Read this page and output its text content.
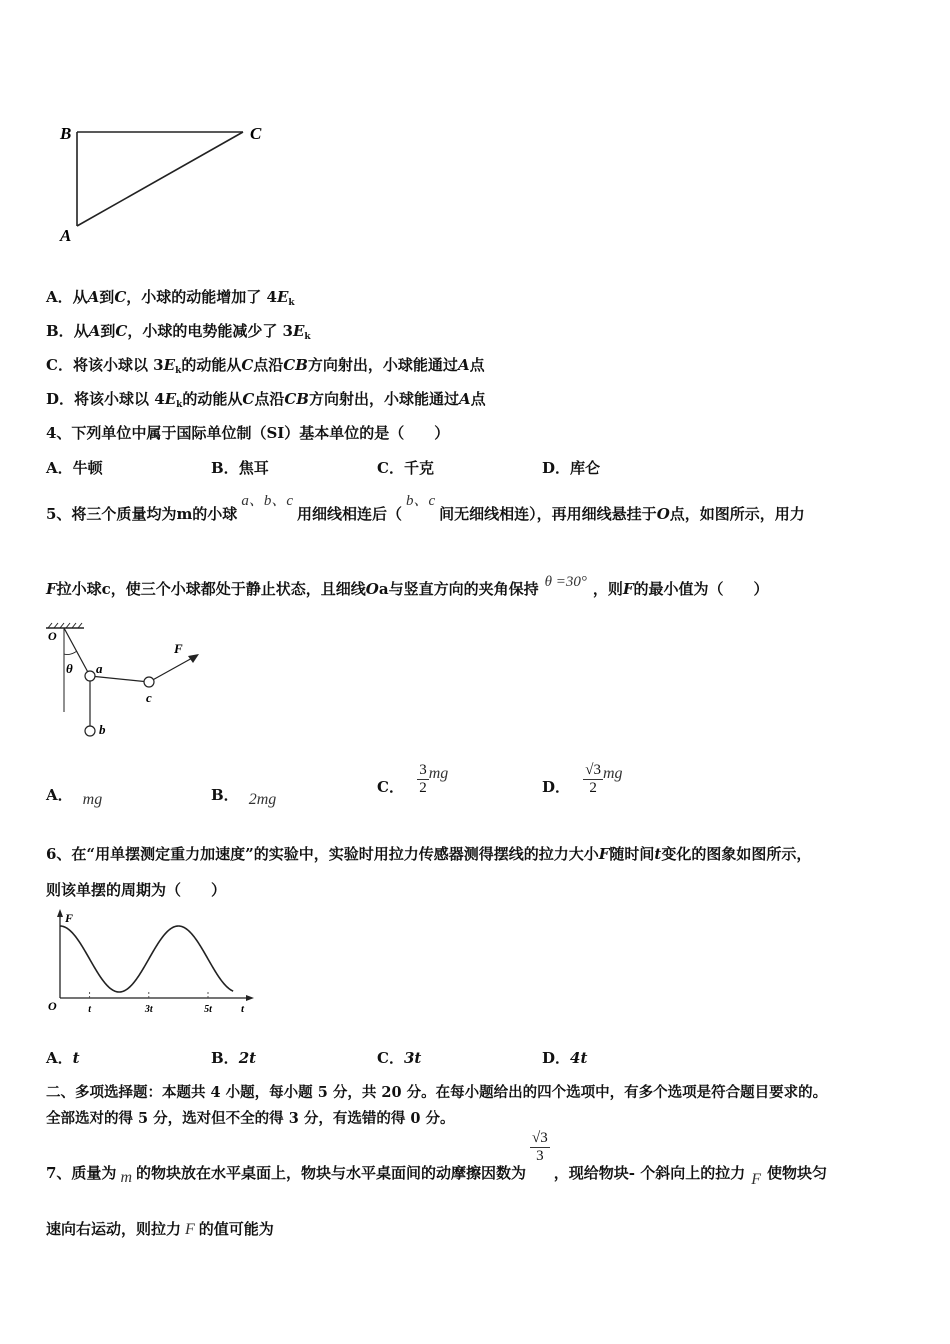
B	C
A
A．从A到C，小球的动能增加了 $4E_k$
B．从A到C，小球的电势能减少了 $3E_k$
C．将该小球以 $3E_k$的动能从C点沿CB方向射出，小球能通过A点
D．将该小球以 $4E_k$的动能从C点沿CB方向射出，小球能通过A点
4、下列单位中属于国际单位制（SI）基本单位的是（　　）
A．牛顿	B．焦耳	C．千克	D．库仑
5、将三个质量均为m的小球a、b、c用细线相连后（b、c间无细线相连），再用细线悬挂于O点，如图所示，用力
F拉小球c，使三个小球都处于静止状态，且细线Oa与竖直方向的夹角保持 θ =30° ，则F的最小值为（　　）
O
θ a
b
c
F
A． mg	B． 2mg
C． $\frac{3}{2}$ mg
D． $\frac{√3}{2}$ mg
6、在“用单摆测定重力加速度”的实验中，实验时用拉力传感器测得摆线的拉力大小F随时间t变化的图象如图所示，
则该单摆的周期为（　　）
F
O	t	3t	5t	t
A．t	B．2t	C．3t	D．4t
二、多项选择题：本题共 4 小题，每小题 5 分，共 20 分。在每小题给出的四个选项中，有多个选项是符合题目要求的。
全部选对的得 5 分，选对但不全的得 3 分，有选错的得 0 分。
7、质量为 m 的物块放在水平桌面上，物块与水平桌面间的动摩擦因数为
$\frac{√3}{3}$
，现给物块- 个斜向上的拉力 F 使物块匀
速向右运动，则拉力 F 的值可能为
